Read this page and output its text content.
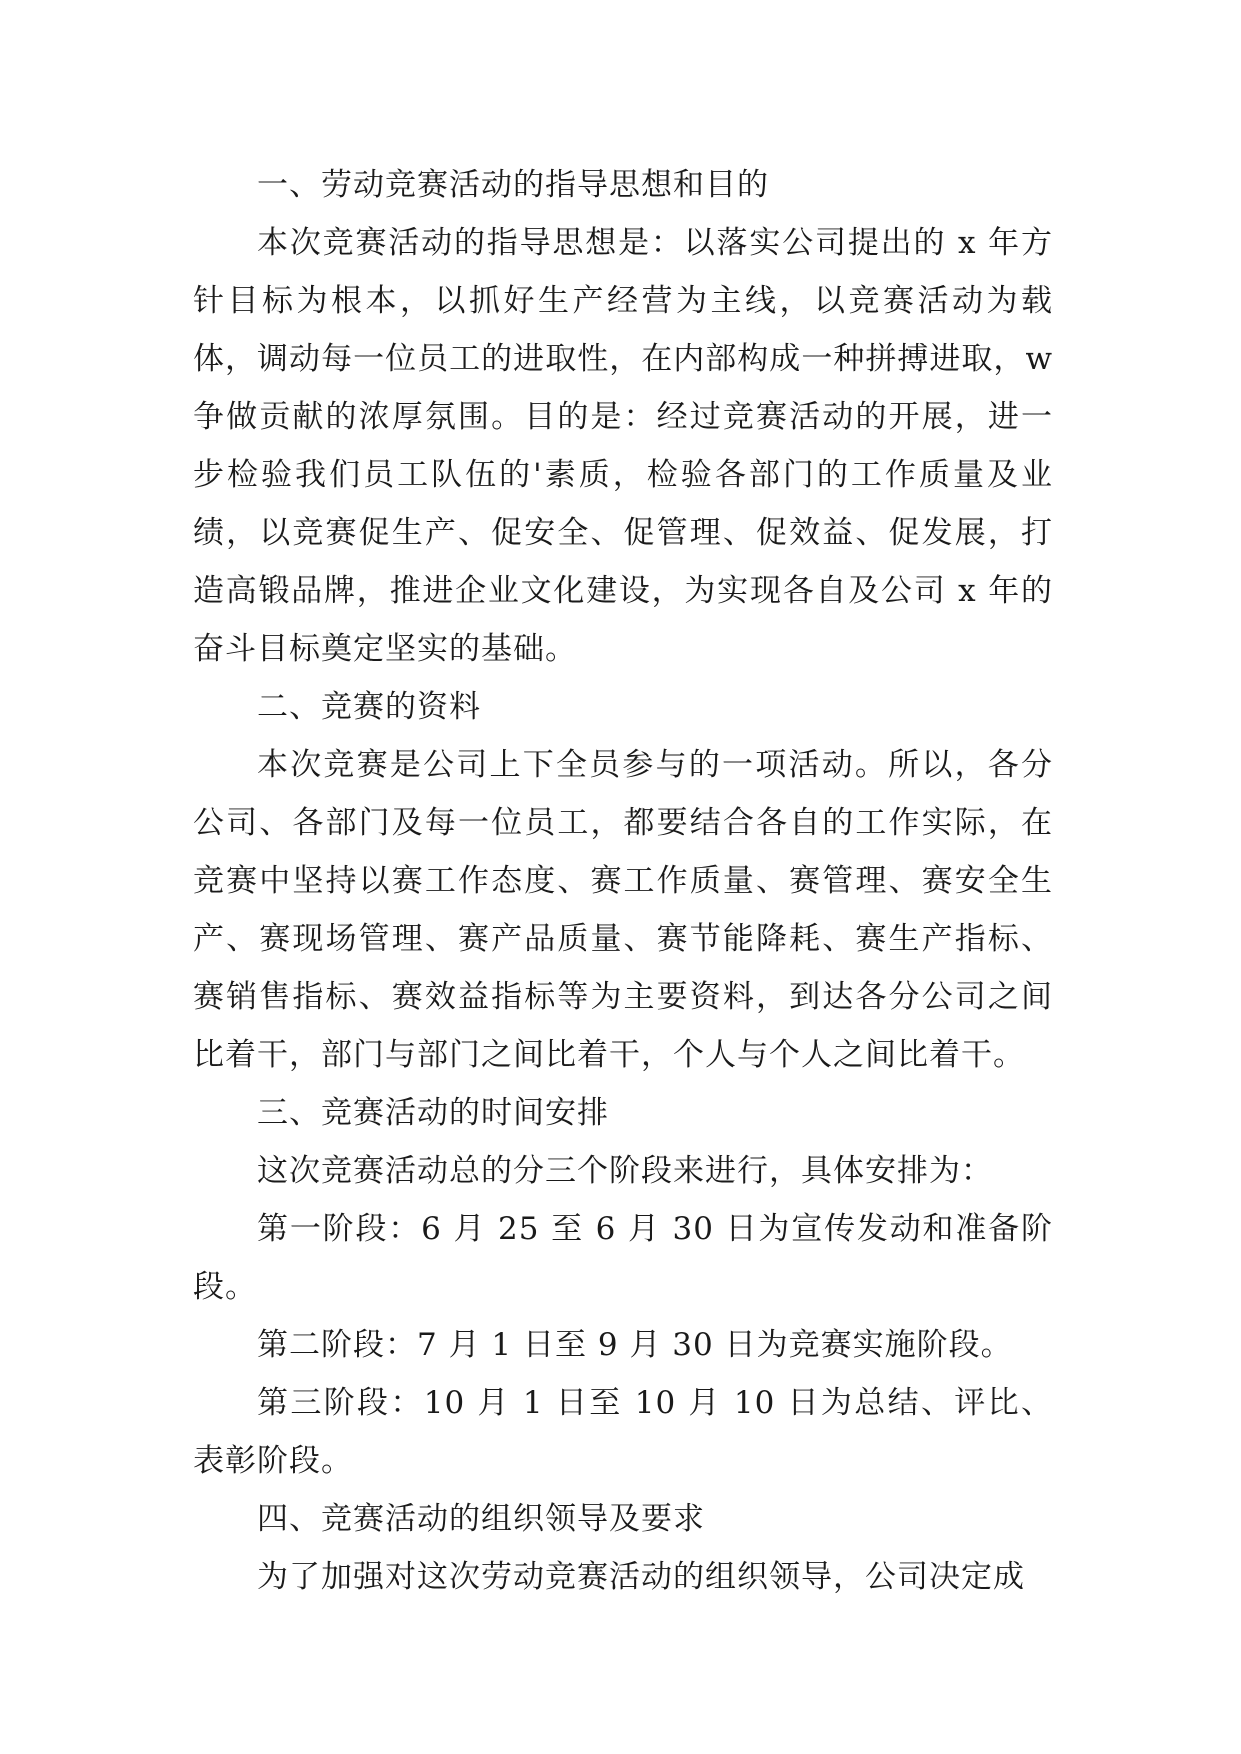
一、劳动竞赛活动的指导思想和目的

本次竞赛活动的指导思想是：以落实公司提出的 x 年方针目标为根本，以抓好生产经营为主线，以竞赛活动为载体，调动每一位员工的进取性，在内部构成一种拼搏进取，w 争做贡献的浓厚氛围。目的是：经过竞赛活动的开展，进一步检验我们员工队伍的'素质，检验各部门的工作质量及业绩，以竞赛促生产、促安全、促管理、促效益、促发展，打造高锻品牌，推进企业文化建设，为实现各自及公司 x 年的奋斗目标奠定坚实的基础。

二、竞赛的资料

本次竞赛是公司上下全员参与的一项活动。所以，各分公司、各部门及每一位员工，都要结合各自的工作实际，在竞赛中坚持以赛工作态度、赛工作质量、赛管理、赛安全生产、赛现场管理、赛产品质量、赛节能降耗、赛生产指标、赛销售指标、赛效益指标等为主要资料，到达各分公司之间比着干，部门与部门之间比着干，个人与个人之间比着干。

三、竞赛活动的时间安排

这次竞赛活动总的分三个阶段来进行，具体安排为：

第一阶段：6 月 25 至 6 月 30 日为宣传发动和准备阶段。

第二阶段：7 月 1 日至 9 月 30 日为竞赛实施阶段。

第三阶段：10 月 1 日至 10 月 10 日为总结、评比、表彰阶段。

四、竞赛活动的组织领导及要求

为了加强对这次劳动竞赛活动的组织领导，公司决定成
